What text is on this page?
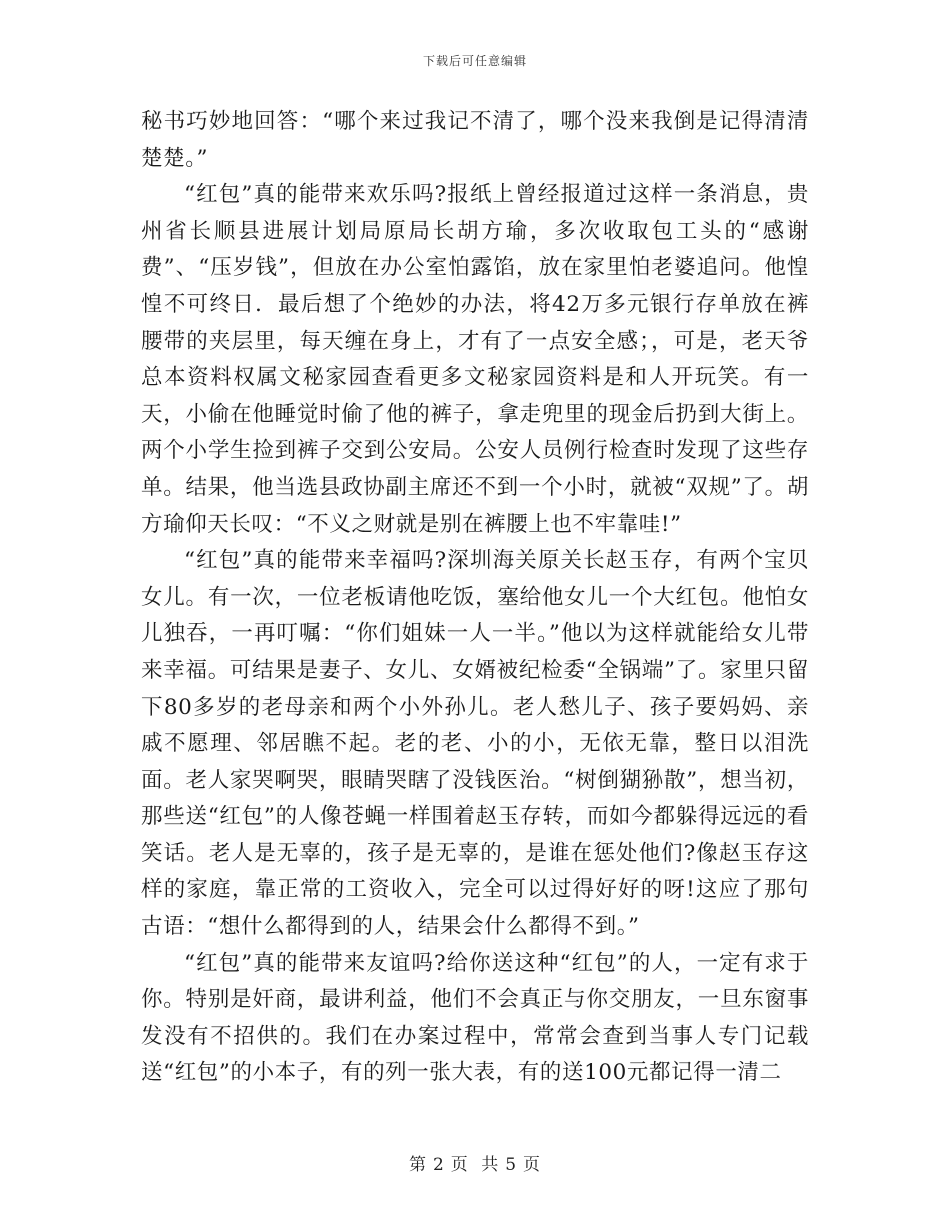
下载后可任意编辑

秘书巧妙地回答：“哪个来过我记不清了，哪个没来我倒是记得清清楚楚。”

“红包”真的能带来欢乐吗?报纸上曾经报道过这样一条消息，贵州省长顺县进展计划局原局长胡方瑜，多次收取包工头的“感谢费”、“压岁钱”，但放在办公室怕露馅，放在家里怕老婆追问。他惶惶不可终日．最后想了个绝妙的办法，将42万多元银行存单放在裤腰带的夹层里，每天缠在身上，才有了一点安全感；，可是，老天爷总本资料权属文秘家园查看更多文秘家园资料是和人开玩笑。有一天，小偷在他睡觉时偷了他的裤子，拿走兜里的现金后扔到大街上。两个小学生捡到裤子交到公安局。公安人员例行检查时发现了这些存单。结果，他当选县政协副主席还不到一个小时，就被“双规”了。胡方瑜仰天长叹：“不义之财就是别在裤腰上也不牢靠哇!”

“红包”真的能带来幸福吗?深圳海关原关长赵玉存，有两个宝贝女儿。有一次，一位老板请他吃饭，塞给他女儿一个大红包。他怕女儿独吞，一再叮嘱：“你们姐妹一人一半。”他以为这样就能给女儿带来幸福。可结果是妻子、女儿、女婿被纪检委“全锅端”了。家里只留下80多岁的老母亲和两个小外孙儿。老人愁儿子、孩子要妈妈、亲戚不愿理、邻居瞧不起。老的老、小的小，无依无靠，整日以泪洗面。老人家哭啊哭，眼睛哭瞎了没钱医治。“树倒猢狲散”，想当初，那些送“红包”的人像苍蝇一样围着赵玉存转，而如今都躲得远远的看笑话。老人是无辜的，孩子是无辜的，是谁在惩处他们?像赵玉存这样的家庭，靠正常的工资收入，完全可以过得好好的呀!这应了那句古语：“想什么都得到的人，结果会什么都得不到。”

“红包”真的能带来友谊吗?给你送这种“红包”的人，一定有求于你。特别是奸商，最讲利益，他们不会真正与你交朋友，一旦东窗事发没有不招供的。我们在办案过程中，常常会查到当事人专门记载送“红包”的小本子，有的列一张大表，有的送100元都记得一清二

第 2 页 共 5 页
